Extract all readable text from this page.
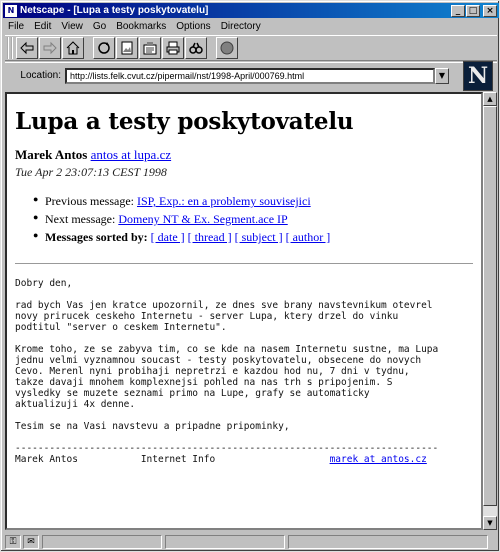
N Netscape - [Lupa a testy poskytovatelu]	_ □ ×
File	Edit	View	Go	Bookmarks	Options	Directory
Location:	http://lists.felk.cvut.cz/pipermail/nst/1998-April/000769.html	▼ N
Lupa a testy poskytovatelu
Marek Antos antos at lupa.cz
Tue Apr 2 23:07:13 CEST 1998
● Previous message: ISP, Exp.: en a problemy souvisejici
● Next message: Domeny NT & Ex. Segment.ace IP
● Messages sorted by: [ date ] [ thread ] [ subject ] [ author ]
Dobry den,

rad bych Vas jen kratce upozornil, ze dnes sve brany navstevnikum otevrel
novy prirucek ceskeho Internetu - server Lupa, ktery drzel do vinku
podtitul "server o ceskem Internetu".

Krome toho, ze se zabyva tim, co se kde na nasem Internetu sustne, ma Lupa
jednu velmi vyznamnou soucast - testy poskytovatelu, obsecene do novych
Cevo. Merenl nyni probihaji nepretrzi e kazdou hod nu, 7 dni v tydnu,
takze davaji mnohem komplexnejsi pohled na nas trh s pripojenim. S
vysledky se muzete seznami primo na Lupe, grafy se automaticky
aktualizuji 4x denne.

Tesim se na Vasi navstevu a pripadne pripominky,

--------------------------------------------------------------------------
Marek Antos           Internet Info                    marek at antos.cz
▲
▼
⚿	✉
